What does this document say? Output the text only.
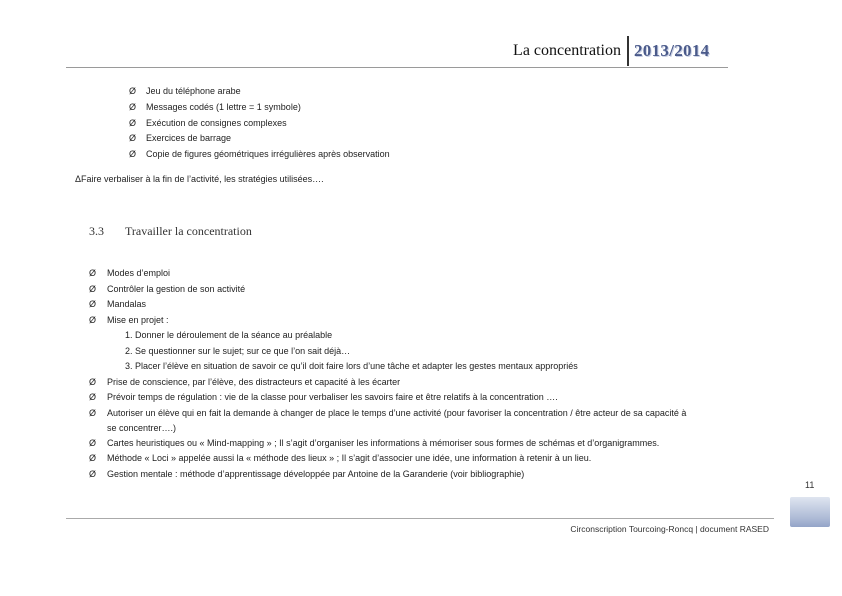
La concentration 2013/2014
Ø Jeu du téléphone arabe
Ø Messages codés (1 lettre = 1 symbole)
Ø Exécution de consignes complexes
Ø Exercices de barrage
Ø Copie de figures géométriques irrégulières après observation
ΔFaire verbaliser à la fin de l’activité, les stratégies utilisées….
3.3 Travailler la concentration
Ø Modes d’emploi
Ø Contrôler la gestion de son activité
Ø Mandalas
Ø Mise en projet :
1. Donner le déroulement de la séance au préalable
2. Se questionner sur le sujet; sur ce que l’on sait déjà…
3. Placer l’élève en situation de savoir ce qu’il doit faire lors d’une tâche et adapter les gestes mentaux appropriés
Ø Prise de conscience, par l’élève, des distracteurs et capacité à les écarter
Ø Prévoir temps de régulation : vie de la classe pour verbaliser les savoirs faire et être relatifs à la concentration ….
Ø Autoriser un élève qui en fait la demande à changer de place le temps d’une activité (pour favoriser la concentration / être acteur de sa capacité à
se concentrer….)
Ø Cartes heuristiques ou « Mind-mapping » ; Il s’agit d’organiser les informations à mémoriser sous formes de schémas et d’organigrammes.
Ø Méthode « Loci » appelée aussi la « méthode des lieux » ; Il s’agit d’associer une idée, une information à retenir à un lieu.
Ø Gestion mentale : méthode d’apprentissage développée par Antoine de la Garanderie (voir bibliographie)
11
Circonscription Tourcoing-Roncq | document RASED
